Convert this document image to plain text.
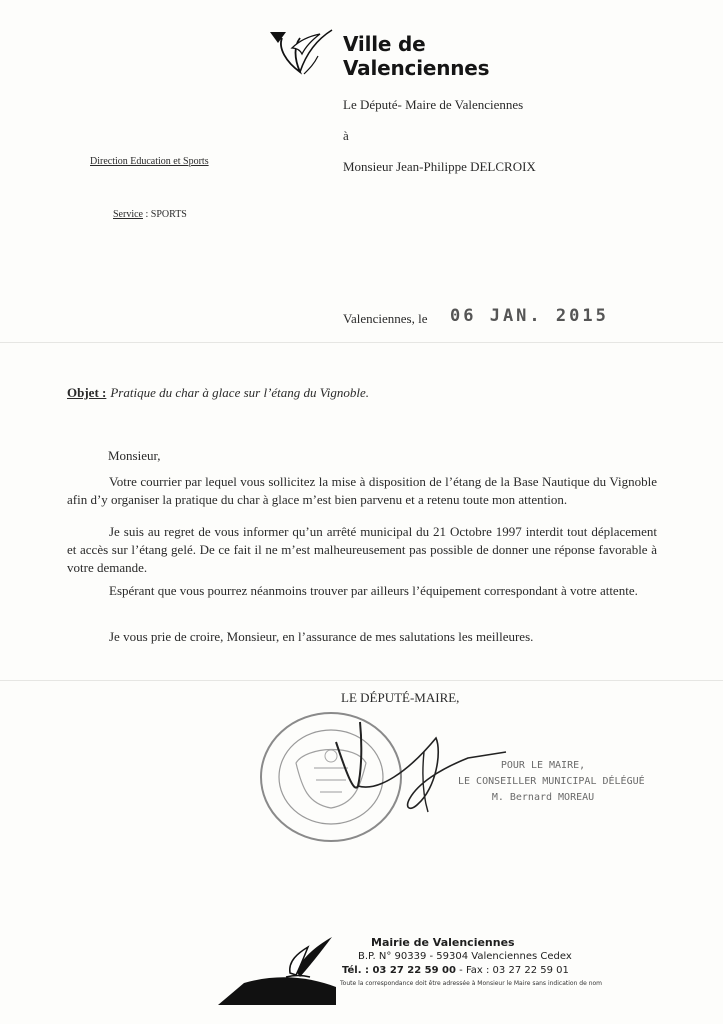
Ville de
Valenciennes
Le Député- Maire de Valenciennes
à
Monsieur Jean-Philippe DELCROIX
Direction Education et Sports
Service : SPORTS
Valenciennes, le 06 JAN. 2015
Objet : Pratique du char à glace sur l’étang du Vignoble.
Monsieur,
Votre courrier par lequel vous sollicitez la mise à disposition de l’étang de la Base Nautique du Vignoble afin d’y organiser la pratique du char à glace m’est bien parvenu et a retenu toute mon attention.
Je suis au regret de vous informer qu’un arrêté municipal du 21 Octobre 1997 interdit tout déplacement et accès sur l’étang gelé. De ce fait il ne m’est malheureusement pas possible de donner une réponse favorable à votre demande.
Espérant que vous pourrez néanmoins trouver par ailleurs l’équipement correspondant à votre attente.
Je vous prie de croire, Monsieur, en l’assurance de mes salutations les meilleures.
LE DÉPUTÉ-MAIRE,
POUR LE MAIRE,
LE CONSEILLER MUNICIPAL DÉLÉGUÉ
M. Bernard MOREAU
Mairie de Valenciennes
B.P. N° 90339 - 59304 Valenciennes Cedex
Tél. : 03 27 22 59 00 - Fax : 03 27 22 59 01
Toute la correspondance doit être adressée à Monsieur le Maire sans indication de nom
